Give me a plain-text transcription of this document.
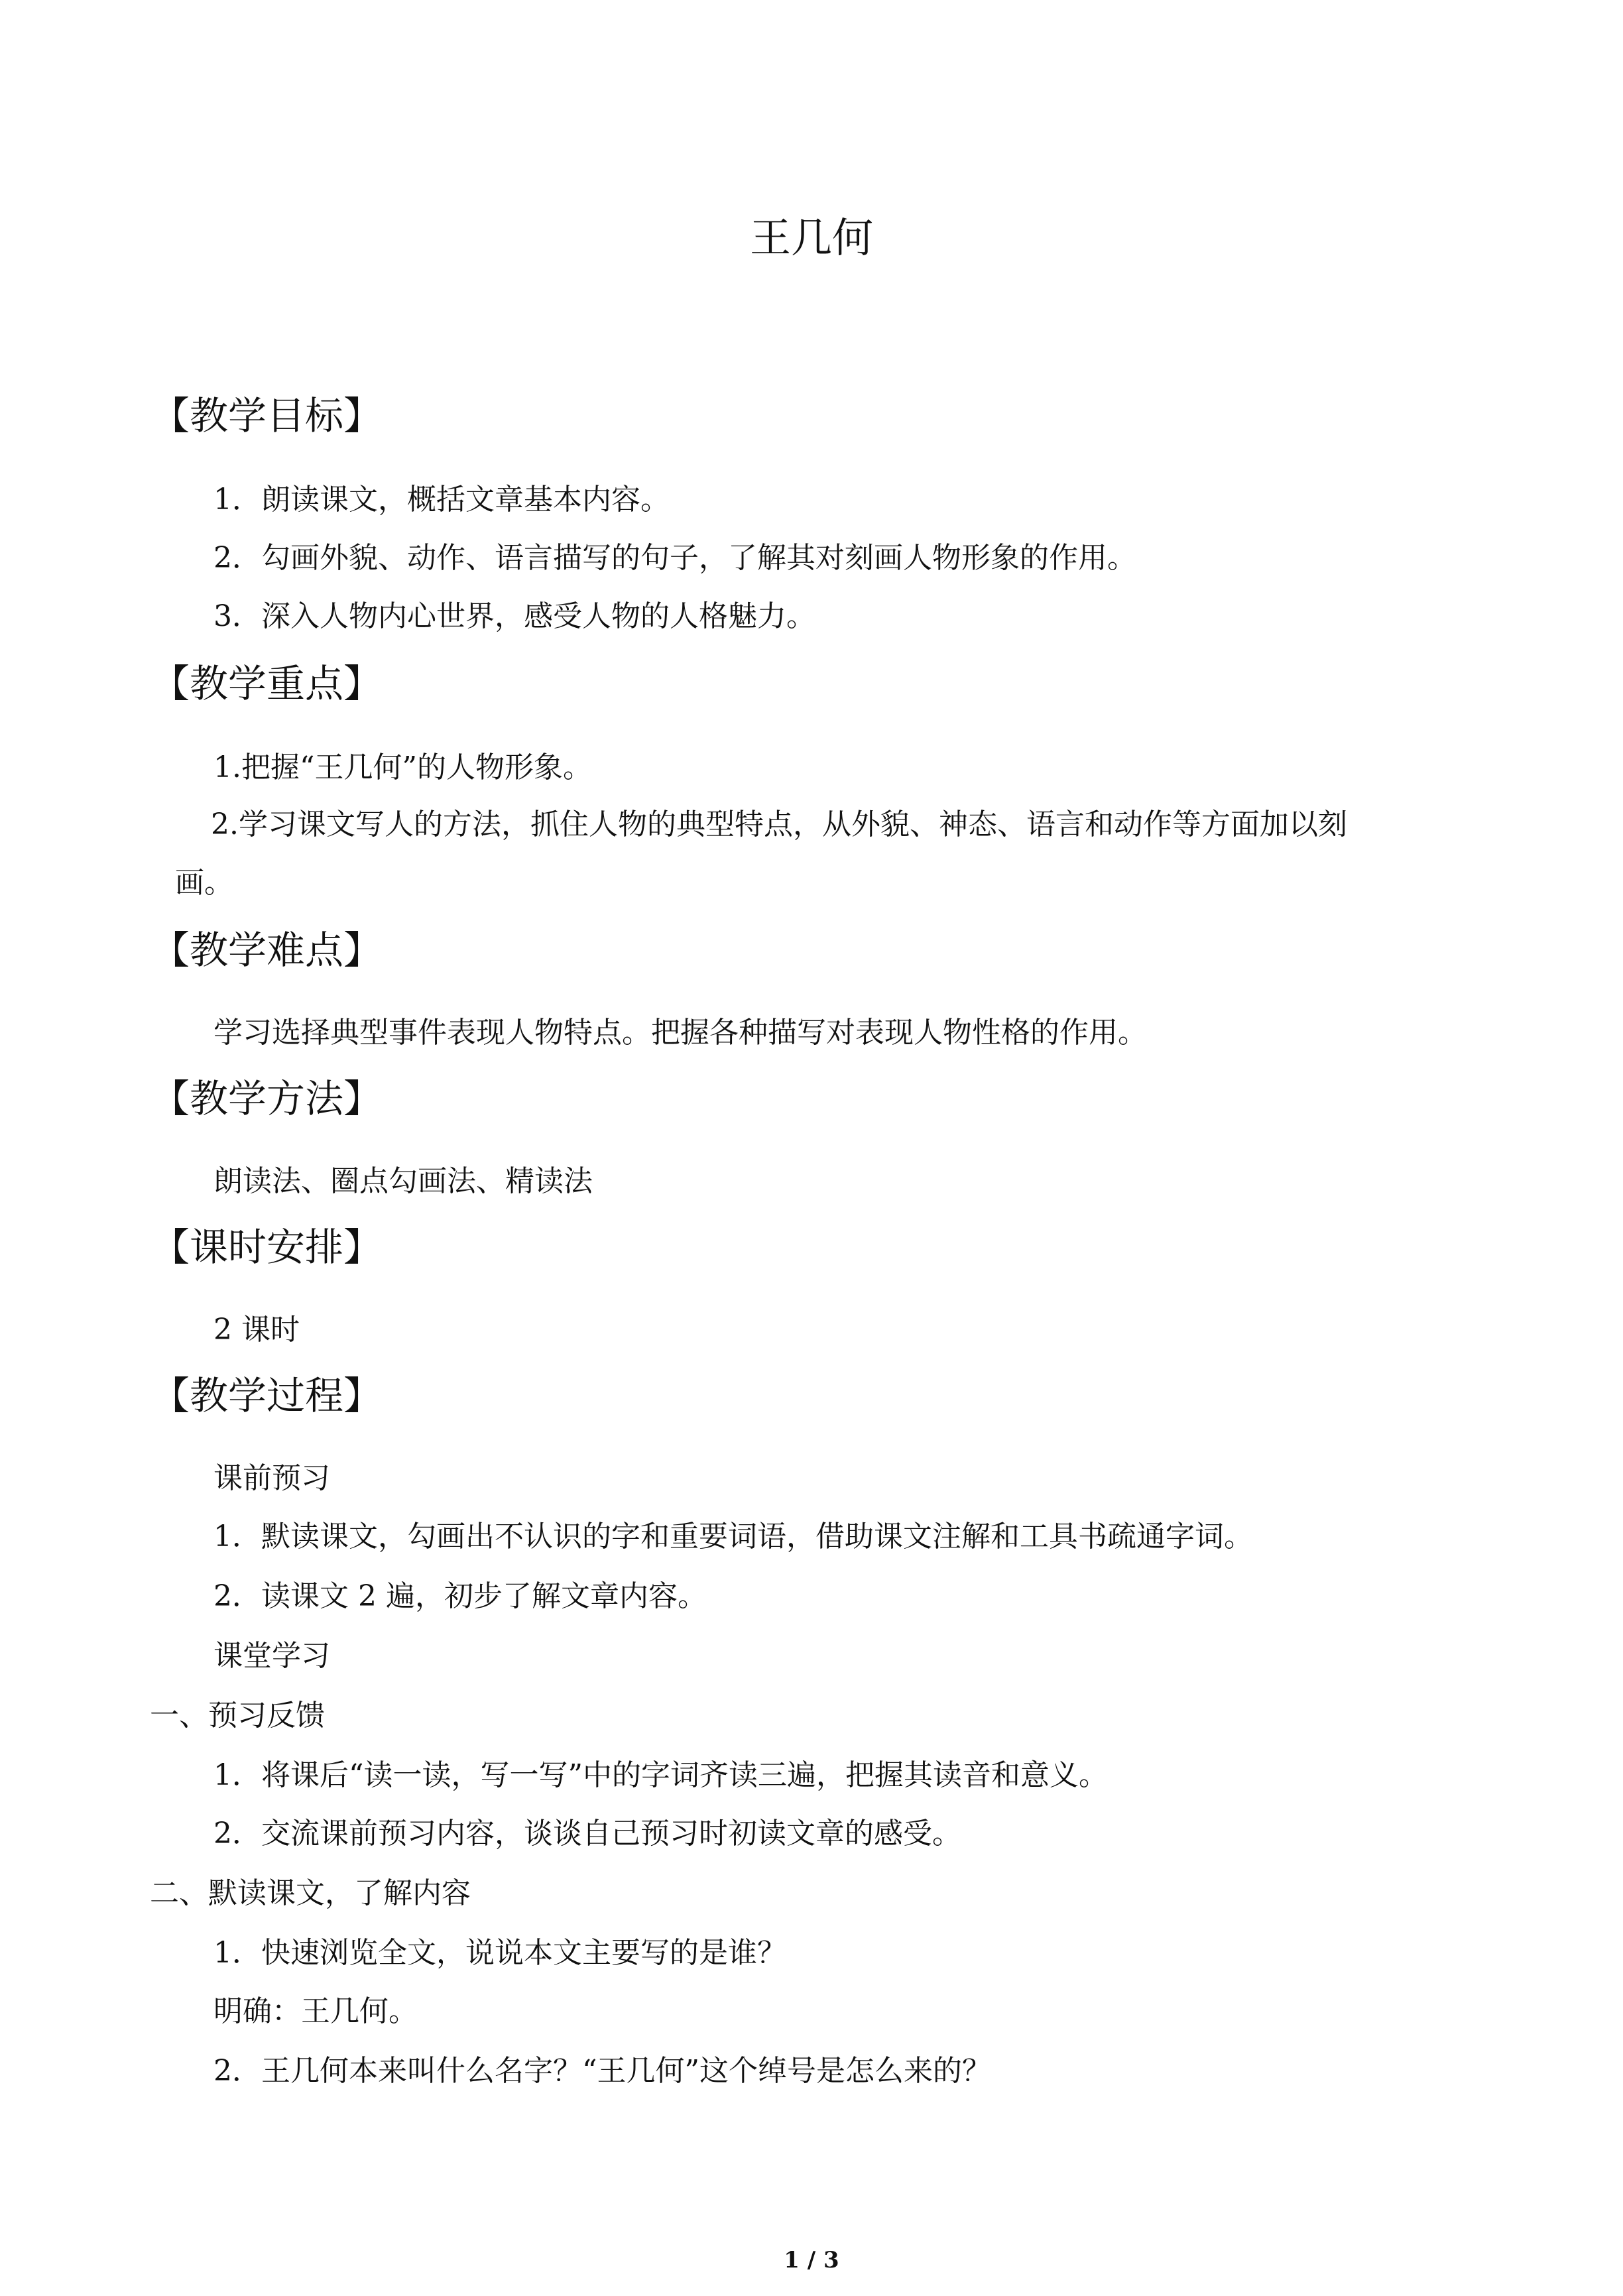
王几何
【教学目标】
1．朗读课文，概括文章基本内容。
2．勾画外貌、动作、语言描写的句子，了解其对刻画人物形象的作用。
3．深入人物内心世界，感受人物的人格魅力。
【教学重点】
1.把握“王几何”的人物形象。
2.学习课文写人的方法，抓住人物的典型特点，从外貌、神态、语言和动作等方面加以刻
画。
【教学难点】
学习选择典型事件表现人物特点。把握各种描写对表现人物性格的作用。
【教学方法】
朗读法、圈点勾画法、精读法
【课时安排】
2 课时
【教学过程】
课前预习
1．默读课文，勾画出不认识的字和重要词语，借助课文注解和工具书疏通字词。
2．读课文 2 遍，初步了解文章内容。
课堂学习
一、预习反馈
1．将课后“读一读，写一写”中的字词齐读三遍，把握其读音和意义。
2．交流课前预习内容，谈谈自己预习时初读文章的感受。
二、默读课文，了解内容
1．快速浏览全文，说说本文主要写的是谁？
明确：王几何。
2．王几何本来叫什么名字？“王几何”这个绰号是怎么来的？
1 / 3
